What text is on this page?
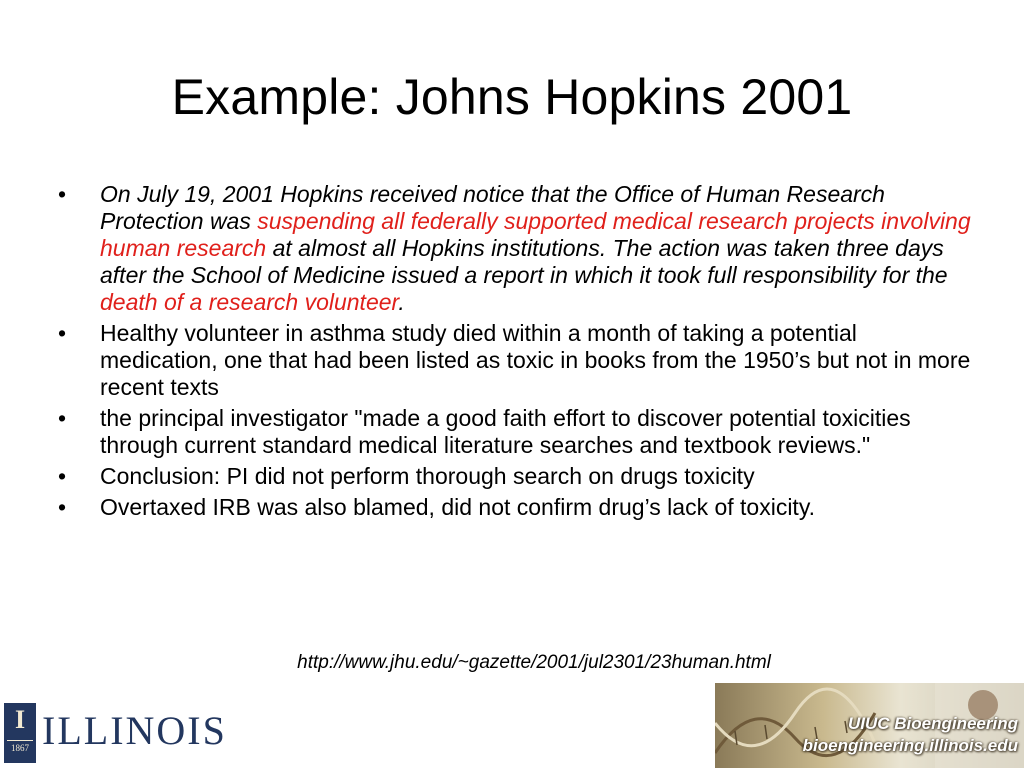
Example: Johns Hopkins 2001
• On July 19, 2001 Hopkins received notice that the Office of Human Research Protection was suspending all federally supported medical research projects involving human research at almost all Hopkins institutions. The action was taken three days after the School of Medicine issued a report in which it took full responsibility for the death of a research volunteer.
• Healthy volunteer in asthma study died within a month of taking a potential medication, one that had been listed as toxic in books from the 1950’s but not in more recent texts
• the principal investigator "made a good faith effort to discover potential toxicities through current standard medical literature searches and textbook reviews."
• Conclusion: PI did not perform thorough search on drugs toxicity
• Overtaxed IRB was also blamed, did not confirm drug’s lack of toxicity.
http://www.jhu.edu/~gazette/2001/jul2301/23human.html
I
1867 ILLINOIS	UIUC Bioengineering
bioengineering.illinois.edu
